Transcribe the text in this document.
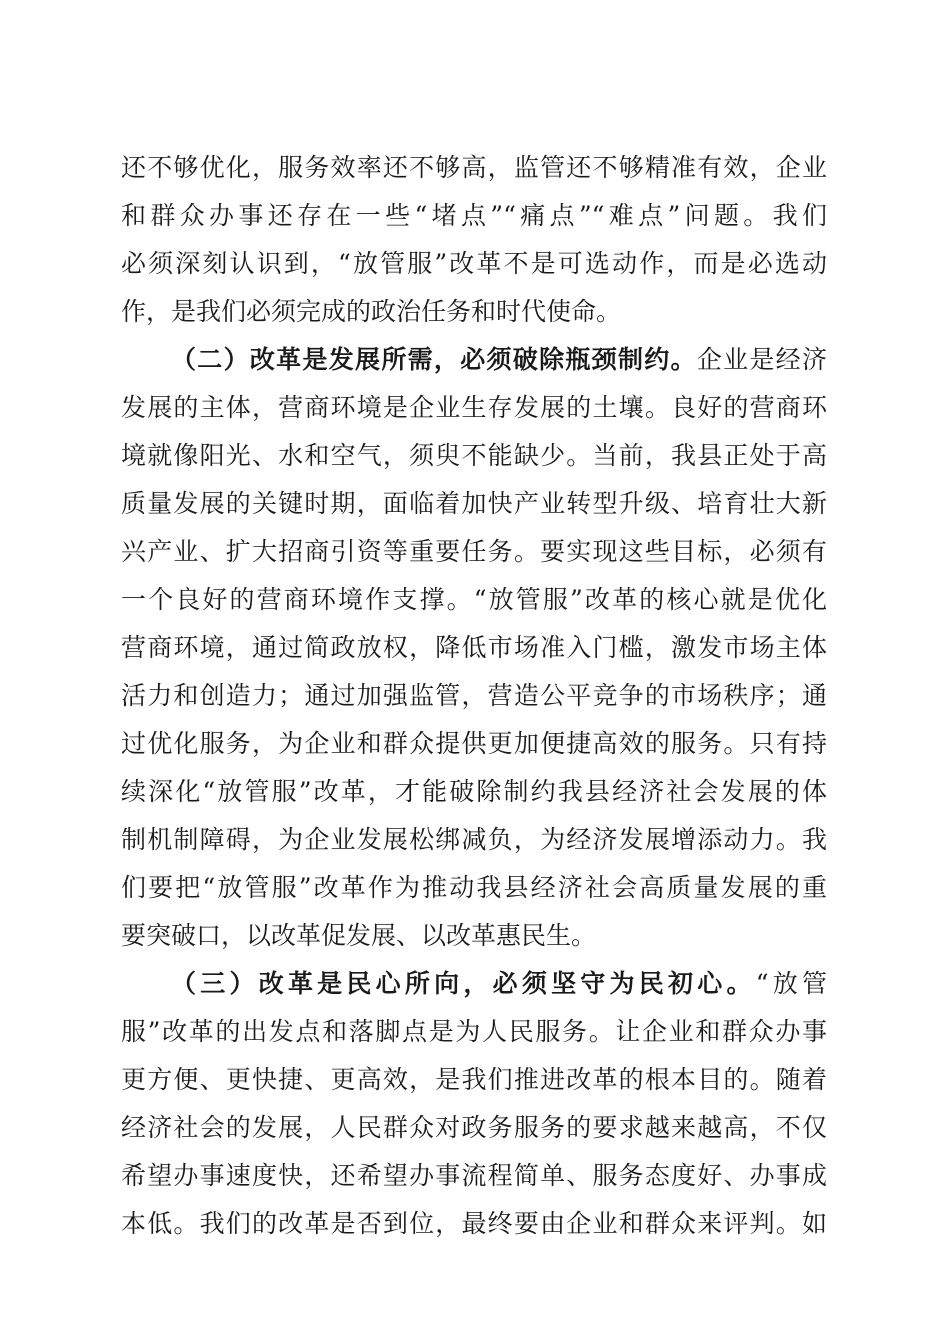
还不够优化，服务效率还不够高，监管还不够精准有效，企业
和群众办事还存在一些“堵点”“痛点”“难点”问题。我们
必须深刻认识到，“放管服”改革不是可选动作，而是必选动
作，是我们必须完成的政治任务和时代使命。
（二）改革是发展所需，必须破除瓶颈制约。企业是经济
发展的主体，营商环境是企业生存发展的土壤。良好的营商环
境就像阳光、水和空气，须臾不能缺少。当前，我县正处于高
质量发展的关键时期，面临着加快产业转型升级、培育壮大新
兴产业、扩大招商引资等重要任务。要实现这些目标，必须有
一个良好的营商环境作支撑。“放管服”改革的核心就是优化
营商环境，通过简政放权，降低市场准入门槛，激发市场主体
活力和创造力；通过加强监管，营造公平竞争的市场秩序；通
过优化服务，为企业和群众提供更加便捷高效的服务。只有持
续深化“放管服”改革，才能破除制约我县经济社会发展的体
制机制障碍，为企业发展松绑减负，为经济发展增添动力。我
们要把“放管服”改革作为推动我县经济社会高质量发展的重
要突破口，以改革促发展、以改革惠民生。
（三）改革是民心所向，必须坚守为民初心。“放管
服”改革的出发点和落脚点是为人民服务。让企业和群众办事
更方便、更快捷、更高效，是我们推进改革的根本目的。随着
经济社会的发展，人民群众对政务服务的要求越来越高，不仅
希望办事速度快，还希望办事流程简单、服务态度好、办事成
本低。我们的改革是否到位，最终要由企业和群众来评判。如
